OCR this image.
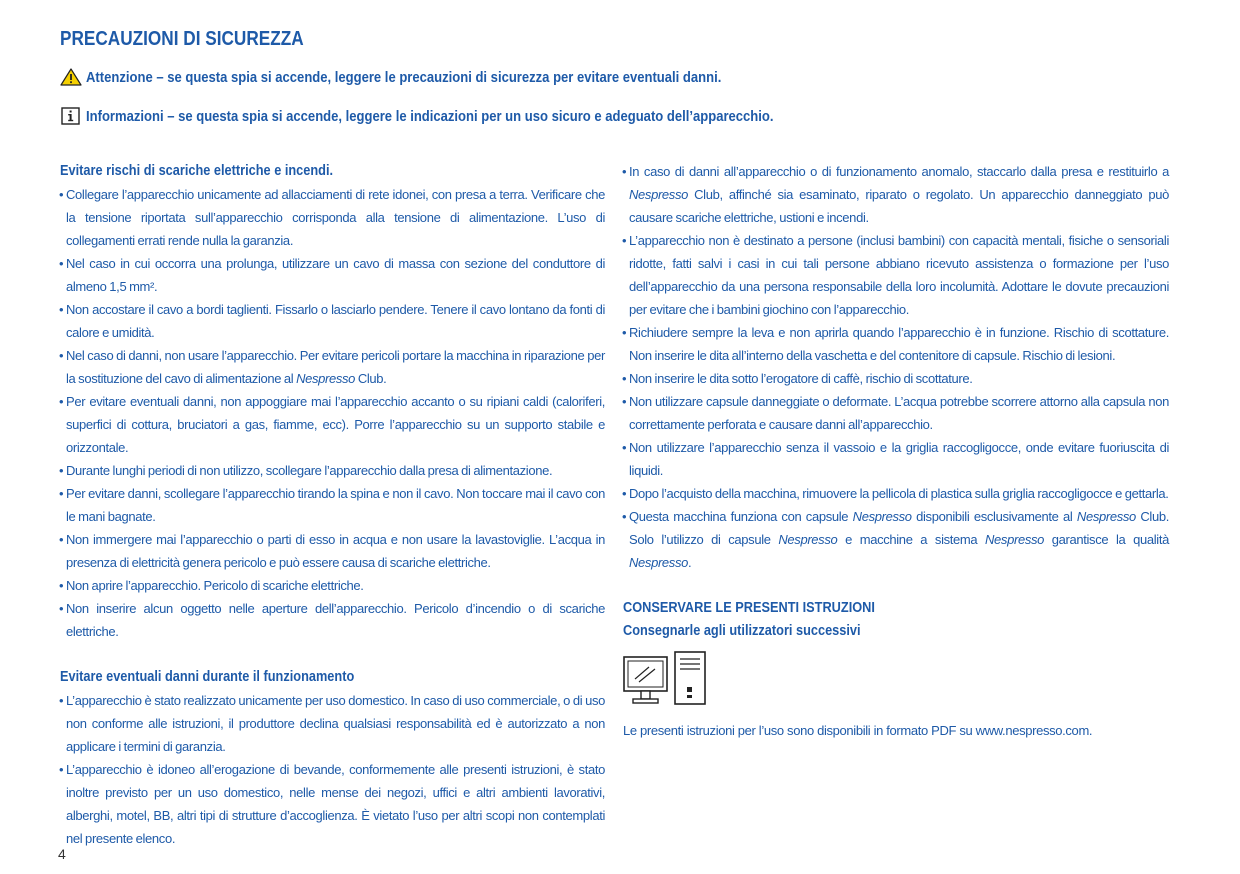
PRECAUZIONI DI SICUREZZA
Attenzione – se questa spia si accende, leggere le precauzioni di sicurezza per evitare eventuali danni.
Informazioni – se questa spia si accende, leggere le indicazioni per un uso sicuro e adeguato dell’apparecchio.
Evitare rischi di scariche elettriche e incendi.
• Collegare l’apparecchio unicamente ad allacciamenti di rete idonei, con presa a terra. Verificare che la tensione riportata sull’apparecchio corrisponda alla tensione di alimentazione. L’uso di collegamenti errati rende nulla la garanzia.
• Nel caso in cui occorra una prolunga, utilizzare un cavo di massa con sezione del conduttore di almeno 1,5 mm².
• Non accostare il cavo a bordi taglienti. Fissarlo o lasciarlo pendere. Tenere il cavo lontano da fonti di calore e umidità.
• Nel caso di danni, non usare l’apparecchio. Per evitare pericoli portare la macchina in riparazione per la sostituzione del cavo di alimentazione al Nespresso Club.
• Per evitare eventuali danni, non appoggiare mai l’apparecchio accanto o su ripiani caldi (caloriferi, superfici di cottura, bruciatori a gas, fiamme, ecc). Porre l’apparecchio su un supporto stabile e orizzontale.
• Durante lunghi periodi di non utilizzo, scollegare l’apparecchio dalla presa di alimentazione.
• Per evitare danni, scollegare l’apparecchio tirando la spina e non il cavo. Non toccare mai il cavo con le mani bagnate.
• Non immergere mai l’apparecchio o parti di esso in acqua e non usare la lavastoviglie. L’acqua in presenza di elettricità genera pericolo e può essere causa di scariche elettriche.
• Non aprire l’apparecchio. Pericolo di scariche elettriche.
• Non inserire alcun oggetto nelle aperture dell’apparecchio. Pericolo d’incendio o di scariche elettriche.
Evitare eventuali danni durante il funzionamento
• L’apparecchio è stato realizzato unicamente per uso domestico. In caso di uso commerciale, o di uso non conforme alle istruzioni, il produttore declina qualsiasi responsabilità ed è autorizzato a non applicare i termini di garanzia.
• L’apparecchio è idoneo all’erogazione di bevande, conformemente alle presenti istruzioni, è stato inoltre previsto per un uso domestico, nelle mense dei negozi, uffici e altri ambienti lavorativi, alberghi, motel, BB, altri tipi di strutture d’accoglienza. È vietato l’uso per altri scopi non contemplati nel presente elenco.
• In caso di danni all’apparecchio o di funzionamento anomalo, staccarlo dalla presa e restituirlo a Nespresso Club, affinché sia esaminato, riparato o regolato. Un apparecchio danneggiato può causare scariche elettriche, ustioni e incendi.
• L’apparecchio non è destinato a persone (inclusi bambini) con capacità mentali, fisiche o sensoriali ridotte, fatti salvi i casi in cui tali persone abbiano ricevuto assistenza o formazione per l’uso dell’apparecchio da una persona responsabile della loro incolumità. Adottare le dovute precauzioni per evitare che i bambini giochino con l’apparecchio.
• Richiudere sempre la leva e non aprirla quando l’apparecchio è in funzione. Rischio di scottature. Non inserire le dita all’interno della vaschetta e del contenitore di capsule. Rischio di lesioni.
• Non inserire le dita sotto l’erogatore di caffè, rischio di scottature.
• Non utilizzare capsule danneggiate o deformate. L’acqua potrebbe scorrere attorno alla capsula non correttamente perforata e causare danni all’apparecchio.
• Non utilizzare l’apparecchio senza il vassoio e la griglia raccogligocce, onde evitare fuoriuscita di liquidi.
• Dopo l’acquisto della macchina, rimuovere la pellicola di plastica sulla griglia raccogligocce e gettarla.
• Questa macchina funziona con capsule Nespresso disponibili esclusivamente al Nespresso Club. Solo l’utilizzo di capsule Nespresso e macchine a sistema Nespresso garantisce la qualità Nespresso.
CONSERVARE LE PRESENTI ISTRUZIONI
Consegnarle agli utilizzatori successivi
Le presenti istruzioni per l’uso sono disponibili in formato PDF su www.nespresso.com.
4
